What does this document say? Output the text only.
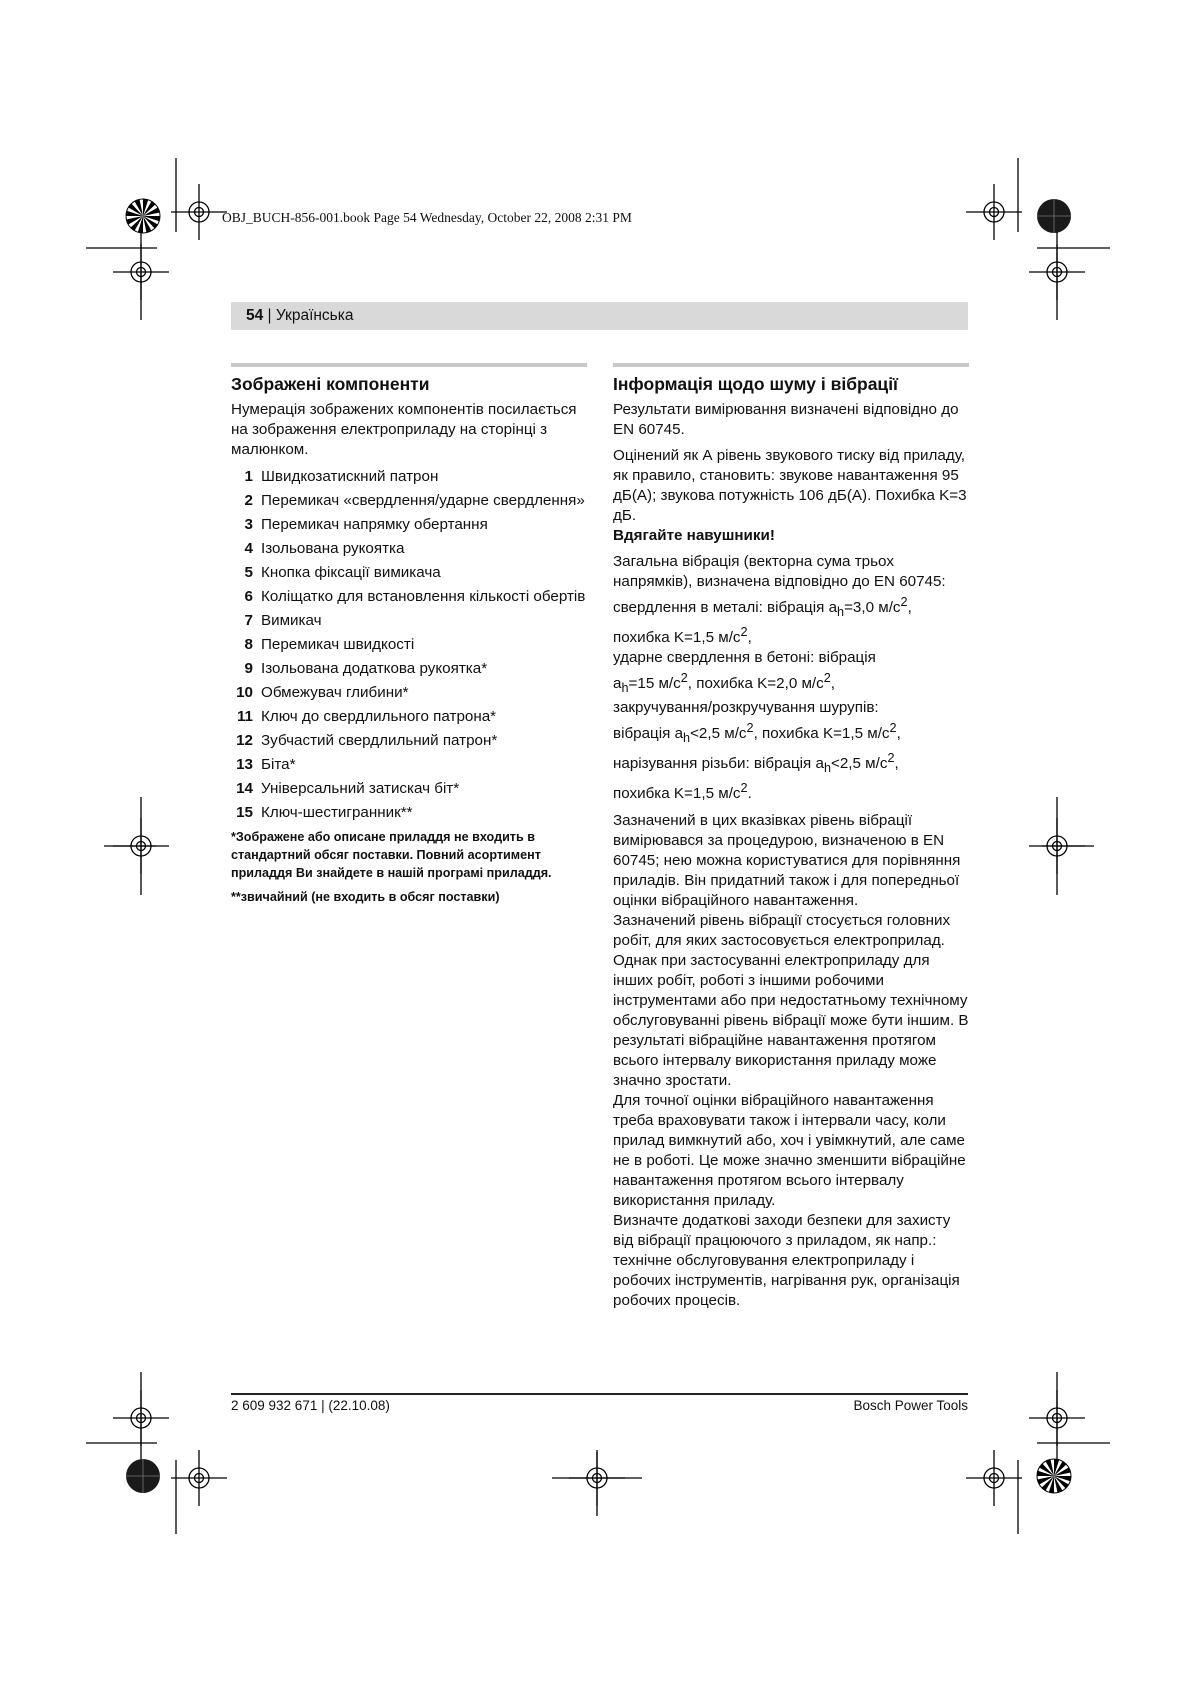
OBJ_BUCH-856-001.book Page 54 Wednesday, October 22, 2008 2:31 PM
54 | Українська
Зображені компоненти

Нумерація зображених компонентів посилається на зображення електроприладу на сторінці з малюнком.

1 Швидкозатискний патрон
2 Перемикач «свердлення/ударне свердлення»
3 Перемикач напрямку обертання
4 Ізольована рукоятка
5 Кнопка фіксації вимикача
6 Коліщатко для встановлення кількості обертів
7 Вимикач
8 Перемикач швидкості
9 Ізольована додаткова рукоятка*
10 Обмежувач глибини*
11 Ключ до свердлильного патрона*
12 Зубчастий свердлильний патрон*
13 Біта*
14 Універсальний затискач біт*
15 Ключ-шестигранник**

*Зображене або описане приладдя не входить в стандартний обсяг поставки. Повний асортимент приладдя Ви знайдете в нашій програмі приладдя.

**звичайний (не входить в обсяг поставки)

Інформація щодо шуму і вібрації

Результати вимірювання визначені відповідно до EN 60745.

Оцінений як А рівень звукового тиску від приладу, як правило, становить: звукове навантаження 95 дБ(A); звукова потужність 106 дБ(A). Похибка K=3 дБ.

Вдягайте навушники!

Загальна вібрація (векторна сума трьох напрямків), визначена відповідно до EN 60745:
свердлення в металі: вібрація $a_h=3,0$ $м/с^2$,
похибка K=1,5 $м/с^2$,
ударне свердлення в бетоні: вібрація
$a_h=15$ $м/с^2$, похибка K=2,0 $м/с^2$,
закручування/розкручування шурупів:
вібрація $a_h<2,5$ $м/с^2$, похибка K=1,5 $м/с^2$,
нарізування різьби: вібрація $a_h<2,5$ $м/с^2$,
похибка K=1,5 $м/с^2$.

Зазначений в цих вказівках рівень вібрації вимірювався за процедурою, визначеною в EN 60745; нею можна користуватися для порівняння приладів. Він придатний також і для попередньої оцінки вібраційного навантаження.

Зазначений рівень вібрації стосується головних робіт, для яких застосовується електроприлад. Однак при застосуванні електроприладу для інших робіт, роботі з іншими робочими інструментами або при недостатньому технічному обслуговуванні рівень вібрації може бути іншим. В результаті вібраційне навантаження протягом всього інтервалу використання приладу може значно зростати.

Для точної оцінки вібраційного навантаження треба враховувати також і інтервали часу, коли прилад вимкнутий або, хоч і увімкнутий, але саме не в роботі. Це може значно зменшити вібраційне навантаження протягом всього інтервалу використання приладу.

Визначте додаткові заходи безпеки для захисту від вібрації працюючого з приладом, як напр.: технічне обслуговування електроприладу і робочих інструментів, нагрівання рук, організація робочих процесів.

2 609 932 671 | (22.10.08)	Bosch Power Tools
